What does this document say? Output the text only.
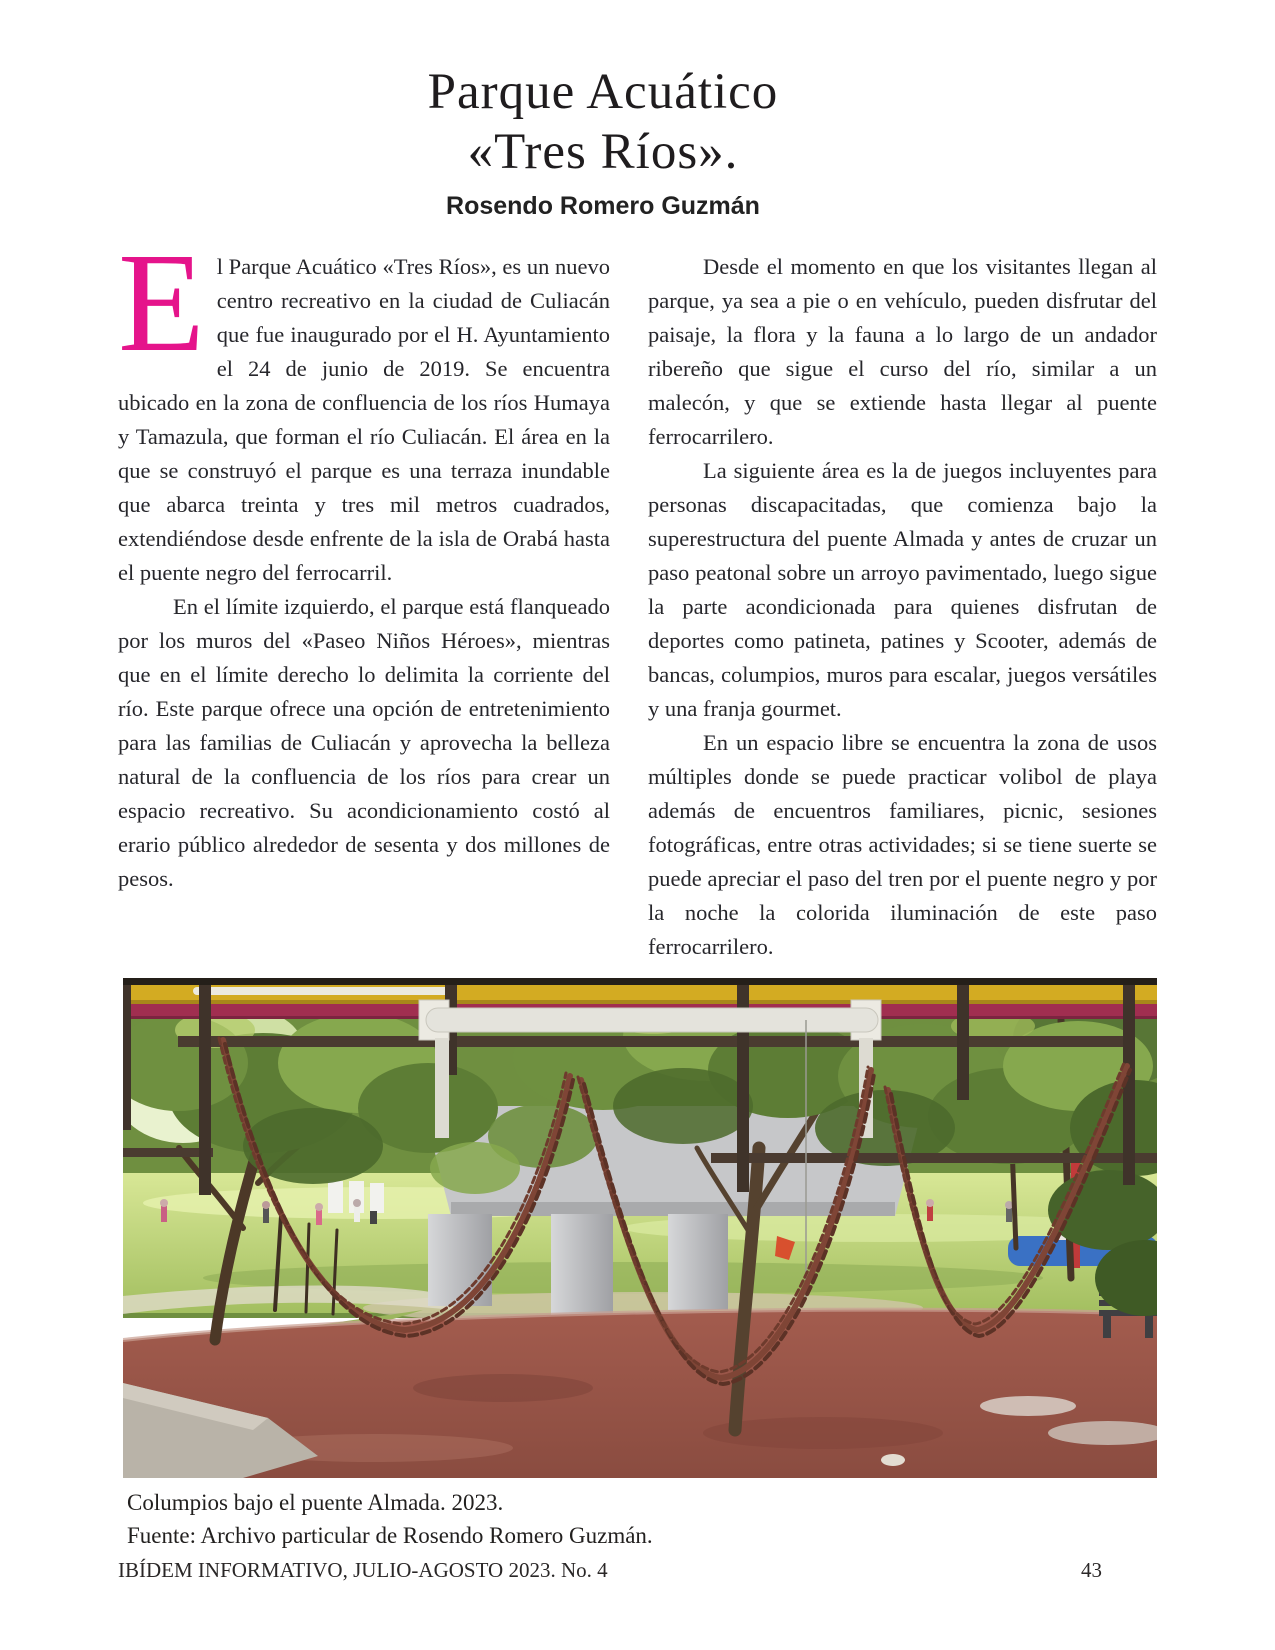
Parque Acuático
«Tres Ríos».
Rosendo Romero Guzmán

El Parque Acuático «Tres Ríos», es un nuevo centro recreativo en la ciudad de Culiacán que fue inaugurado por el H. Ayuntamiento el 24 de junio de 2019. Se encuentra ubicado en la zona de confluencia de los ríos Humaya y Tamazula, que forman el río Culiacán. El área en la que se construyó el parque es una terraza inundable que abarca treinta y tres mil metros cuadrados, extendiéndose desde enfrente de la isla de Orabá hasta el puente negro del ferrocarril.

En el límite izquierdo, el parque está flanqueado por los muros del «Paseo Niños Héroes», mientras que en el límite derecho lo delimita la corriente del río. Este parque ofrece una opción de entretenimiento para las familias de Culiacán y aprovecha la belleza natural de la confluencia de los ríos para crear un espacio recreativo. Su acondicionamiento costó al erario público alrededor de sesenta y dos millones de pesos.

Desde el momento en que los visitantes llegan al parque, ya sea a pie o en vehículo, pueden disfrutar del paisaje, la flora y la fauna a lo largo de un andador ribereño que sigue el curso del río, similar a un malecón, y que se extiende hasta llegar al puente ferrocarrilero.

La siguiente área es la de juegos incluyentes para personas discapacitadas, que comienza bajo la superestructura del puente Almada y antes de cruzar un paso peatonal sobre un arroyo pavimentado, luego sigue la parte acondicionada para quienes disfrutan de deportes como patineta, patines y Scooter, además de bancas, columpios, muros para escalar, juegos versátiles y una franja gourmet.

En un espacio libre se encuentra la zona de usos múltiples donde se puede practicar volibol de playa además de encuentros familiares, picnic, sesiones fotográficas, entre otras actividades; si se tiene suerte se puede apreciar el paso del tren por el puente negro y por la noche la colorida iluminación de este paso ferrocarrilero.

Columpios bajo el puente Almada. 2023.
Fuente: Archivo particular de Rosendo Romero Guzmán.
IBÍDEM INFORMATIVO, JULIO-AGOSTO 2023. No. 4	43
